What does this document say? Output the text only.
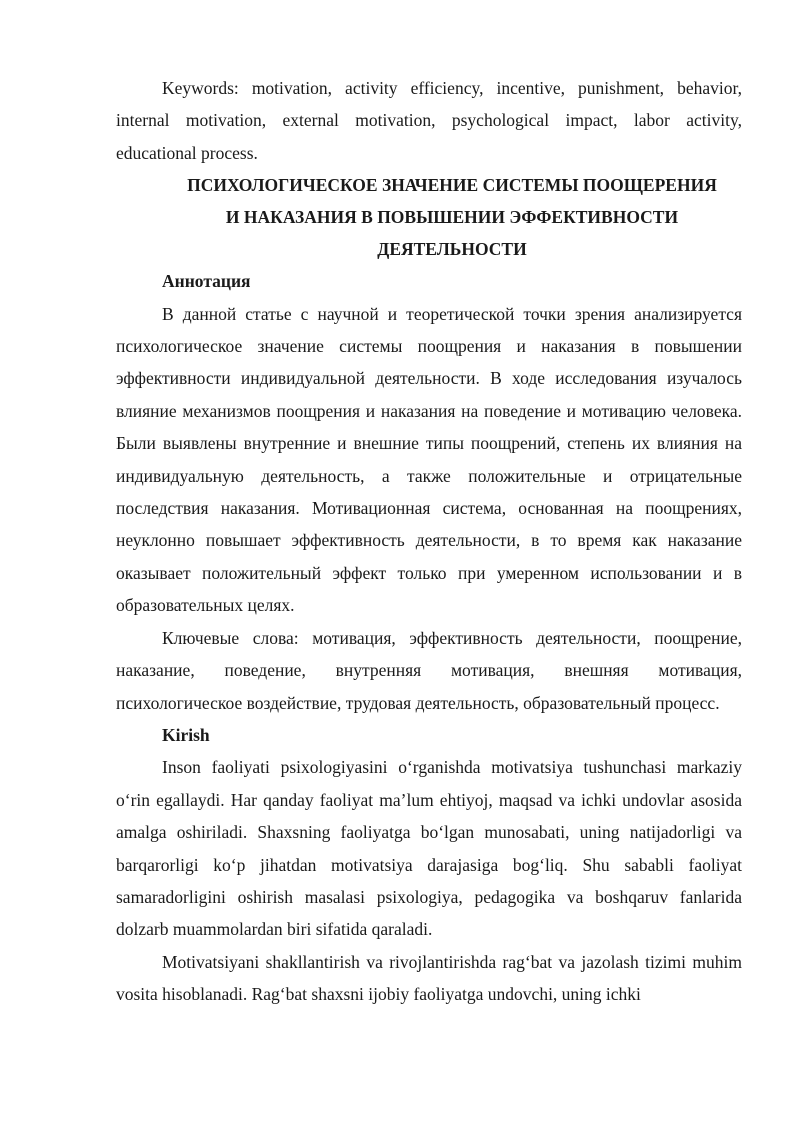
Keywords: motivation, activity efficiency, incentive, punishment, behavior, internal motivation, external motivation, psychological impact, labor activity, educational process.

ПСИХОЛОГИЧЕСКОЕ ЗНАЧЕНИЕ СИСТЕМЫ ПООЩЕРЕНИЯ
И НАКАЗАНИЯ В ПОВЫШЕНИИ ЭФФЕКТИВНОСТИ
ДЕЯТЕЛЬНОСТИ

Аннотация

В данной статье с научной и теоретической точки зрения анализируется психологическое значение системы поощрения и наказания в повышении эффективности индивидуальной деятельности. В ходе исследования изучалось влияние механизмов поощрения и наказания на поведение и мотивацию человека. Были выявлены внутренние и внешние типы поощрений, степень их влияния на индивидуальную деятельность, а также положительные и отрицательные последствия наказания. Мотивационная система, основанная на поощрениях, неуклонно повышает эффективность деятельности, в то время как наказание оказывает положительный эффект только при умеренном использовании и в образовательных целях.

Ключевые слова: мотивация, эффективность деятельности, поощрение, наказание, поведение, внутренняя мотивация, внешняя мотивация, психологическое воздействие, трудовая деятельность, образовательный процесс.

Kirish

Inson faoliyati psixologiyasini o‘rganishda motivatsiya tushunchasi markaziy o‘rin egallaydi. Har qanday faoliyat ma’lum ehtiyoj, maqsad va ichki undovlar asosida amalga oshiriladi. Shaxsning faoliyatga bo‘lgan munosabati, uning natijadorligi va barqarorligi ko‘p jihatdan motivatsiya darajasiga bog‘liq. Shu sababli faoliyat samaradorligini oshirish masalasi psixologiya, pedagogika va boshqaruv fanlarida dolzarb muammolardan biri sifatida qaraladi.

Motivatsiyani shakllantirish va rivojlantirishda rag‘bat va jazolash tizimi muhim vosita hisoblanadi. Rag‘bat shaxsni ijobiy faoliyatga undovchi, uning ichki
